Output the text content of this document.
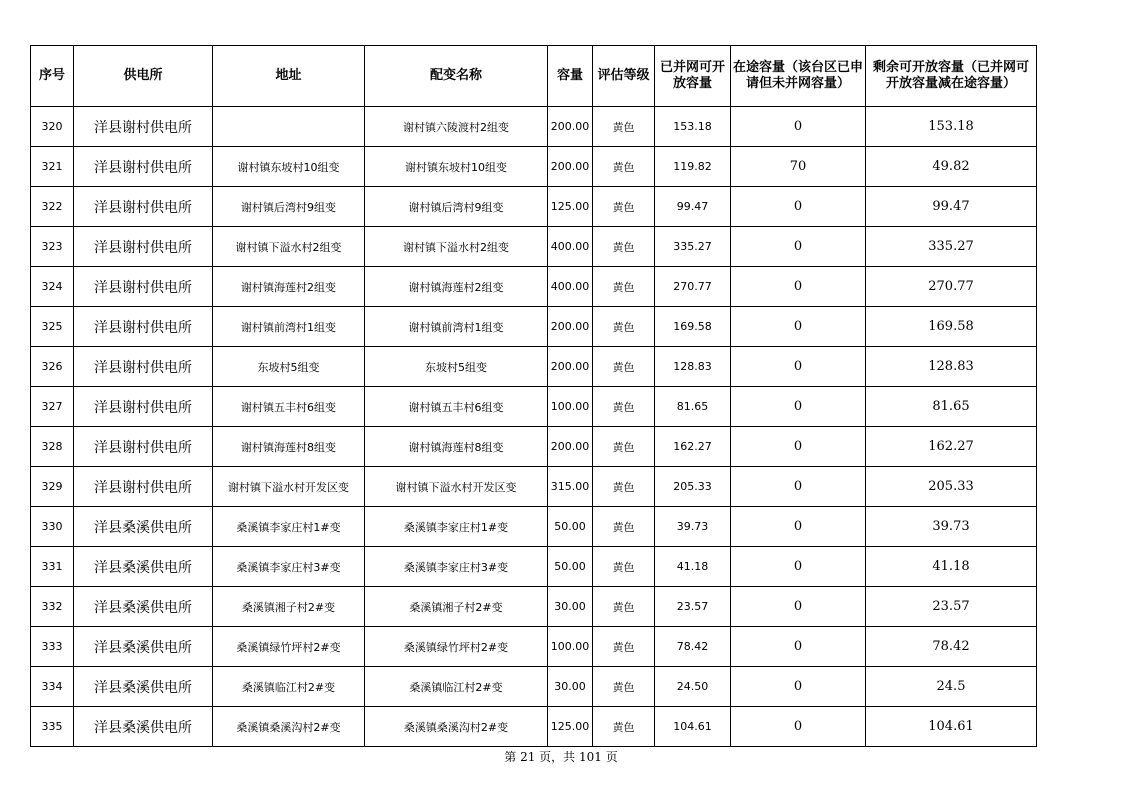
序号	供电所	地址	配变名称	容量	评估等级	已并网可开放容量	在途容量（该台区已申请但未并网容量）	剩余可开放容量（已并网可开放容量减在途容量）
320	洋县谢村供电所		谢村镇六陵渡村2组变	200.00	黄色	153.18	0	153.18
321	洋县谢村供电所	谢村镇东坡村10组变	谢村镇东坡村10组变	200.00	黄色	119.82	70	49.82
322	洋县谢村供电所	谢村镇后湾村9组变	谢村镇后湾村9组变	125.00	黄色	99.47	0	99.47
323	洋县谢村供电所	谢村镇下溢水村2组变	谢村镇下溢水村2组变	400.00	黄色	335.27	0	335.27
324	洋县谢村供电所	谢村镇海莲村2组变	谢村镇海莲村2组变	400.00	黄色	270.77	0	270.77
325	洋县谢村供电所	谢村镇前湾村1组变	谢村镇前湾村1组变	200.00	黄色	169.58	0	169.58
326	洋县谢村供电所	东坡村5组变	东坡村5组变	200.00	黄色	128.83	0	128.83
327	洋县谢村供电所	谢村镇五丰村6组变	谢村镇五丰村6组变	100.00	黄色	81.65	0	81.65
328	洋县谢村供电所	谢村镇海莲村8组变	谢村镇海莲村8组变	200.00	黄色	162.27	0	162.27
329	洋县谢村供电所	谢村镇下溢水村开发区变	谢村镇下溢水村开发区变	315.00	黄色	205.33	0	205.33
330	洋县桑溪供电所	桑溪镇李家庄村1#变	桑溪镇李家庄村1#变	50.00	黄色	39.73	0	39.73
331	洋县桑溪供电所	桑溪镇李家庄村3#变	桑溪镇李家庄村3#变	50.00	黄色	41.18	0	41.18
332	洋县桑溪供电所	桑溪镇湘子村2#变	桑溪镇湘子村2#变	30.00	黄色	23.57	0	23.57
333	洋县桑溪供电所	桑溪镇绿竹坪村2#变	桑溪镇绿竹坪村2#变	100.00	黄色	78.42	0	78.42
334	洋县桑溪供电所	桑溪镇临江村2#变	桑溪镇临江村2#变	30.00	黄色	24.50	0	24.5
335	洋县桑溪供电所	桑溪镇桑溪沟村2#变	桑溪镇桑溪沟村2#变	125.00	黄色	104.61	0	104.61
第 21 页，共 101 页
